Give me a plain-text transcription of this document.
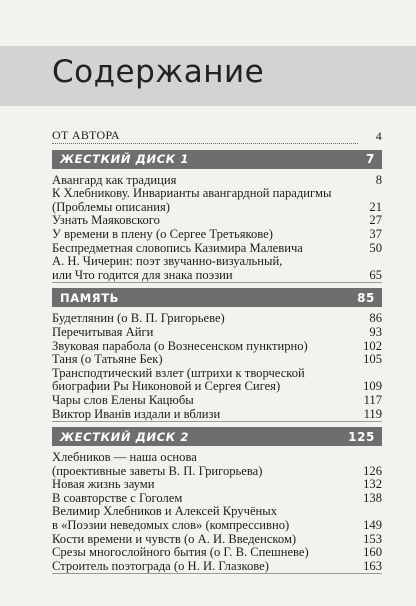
Содержание
ОТ АВТОРА	4
ЖЕСТКИЙ ДИСК 1	7
Авангард как традиция	8
К Хлебникову. Инварианты авангардной парадигмы
(Проблемы описания)	21
Узнать Маяковского	27
У времени в плену (о Сергее Третьякове)	37
Беспредметная словопись Казимира Малевича	50
А. Н. Чичерин: поэт звучанно-визуальный,
или Что годится для знака поэзии	65
ПАМЯТЬ	85
Будетлянин (о В. П. Григорьеве)	86
Перечитывая Айги	93
Звуковая парабола (о Вознесенском пунктирно)	102
Таня (о Татьяне Бек)	105
Трансподтический взлет (штрихи к творческой
биографии Ры Никоновой и Сергея Сигея)	109
Чары слов Елены Кацюбы	117
Виктор Иванів издали и вблизи	119
ЖЕСТКИЙ ДИСК 2	125
Хлебников — наша основа
(проективные заветы В. П. Григорьева)	126
Новая жизнь зауми	132
В соавторстве с Гоголем	138
Велимир Хлебников и Алексей Кручёных
в «Поэзии неведомых слов» (компрессивно)	149
Кости времени и чувств (о А. И. Введенском)	153
Срезы многослойного бытия (о Г. В. Спешневе)	160
Строитель поэтограда (о Н. И. Глазкове)	163
